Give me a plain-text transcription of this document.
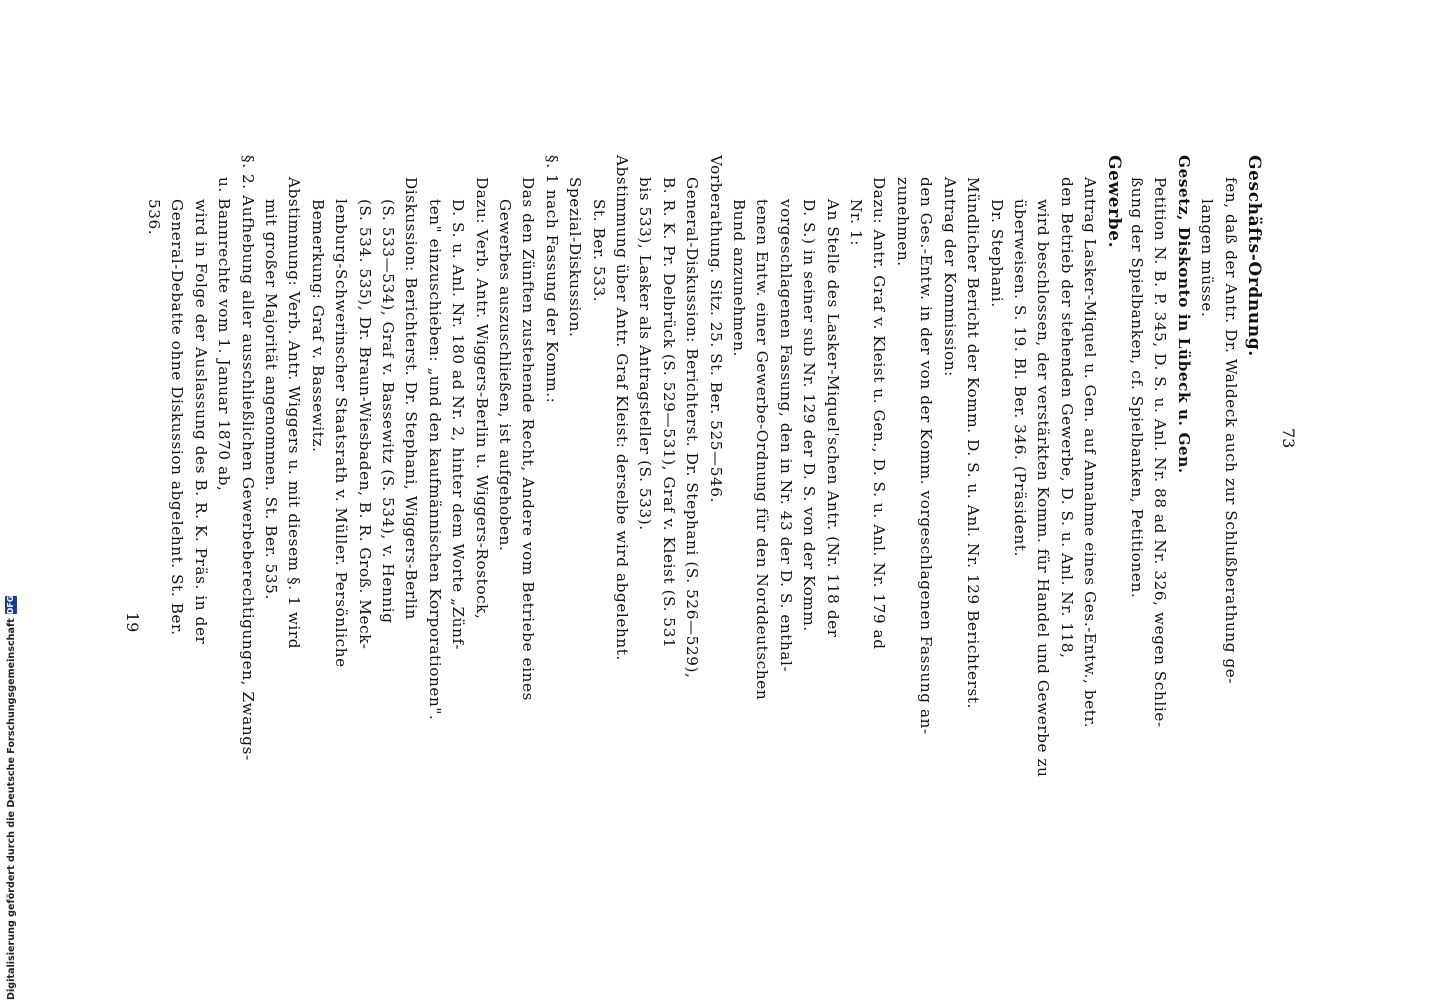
Geschäfts-Ordnung.
fen, daß der Antr. Dr. Waldeck auch zur Schlußberathung ge-
langen müsse.
Gesetz, Diskonto in Lübeck u. Gen.
Petition N. B. P. 345, D. S. u. Anl. Nr. 88 ad Nr. 326, wegen Schlie-
ßung der Spielbanken, cf. Spielbanken, Petitionen.
Gewerbe.
Antrag Lasker-Miquel u. Gen. auf Annahme eines Ges.-Entw., betr.
den Betrieb der stehenden Gewerbe, D. S. u. Anl. Nr. 118,
wird beschlossen, der verstärkten Komm. für Handel und Gewerbe zu
überweisen. S. 19. Bl. Ber. 346. (Präsident.
Dr. Stephani.
Mündlicher Bericht der Komm. D. S. u. Anl. Nr. 129 Berichterst.
Antrag der Kommission:
den Ges.-Entw. in der von der Komm. vorgeschlagenen Fassung an-
zunehmen.
Dazu: Antr. Graf v. Kleist u. Gen., D. S. u. Anl. Nr. 179 ad
Nr. 1:
An Stelle des Lasker-Miquel'schen Antr. (Nr. 118 der
D. S.) in seiner sub Nr. 129 der D. S. von der Komm.
vorgeschlagenen Fassung, den in Nr. 43 der D. S. enthal-
tenen Entw. einer Gewerbe-Ordnung für den Norddeutschen
Bund anzunehmen.
Vorberathung. Sitz. 25. St. Ber. 525—546.
General-Diskussion: Berichterst. Dr. Stephani (S. 526—529),
B. R. K. Pr. Delbrück (S. 529—531), Graf v. Kleist (S. 531
bis 533), Lasker als Antragsteller (S. 533).
Abstimmung über Antr. Graf Kleist: derselbe wird abgelehnt.
St. Ber. 533.
Spezial-Diskussion.
§. 1 nach Fassung der Komm.:
Das den Zünften zustehende Recht, Andere vom Betriebe eines
Gewerbes auszuschließen, ist aufgehoben.
Dazu: Verb. Antr. Wiggers-Berlin u. Wiggers-Rostock,
D. S. u. Anl. Nr. 180 ad Nr. 2, hinter dem Worte „Zünf-
ten" einzuschieben: „und den kaufmännischen Korporationen".
Diskussion: Berichterst. Dr. Stephani, Wiggers-Berlin
(S. 533—534), Graf v. Bassewitz (S. 534), v. Hennig
(S. 534. 535), Dr. Braun-Wiesbaden, B. R. Groß. Meck-
lenburg-Schwerinscher Staatsrath v. Müller. Persönliche
Bemerkung: Graf v. Bassewitz.
Abstimmung: Verb. Antr. Wiggers u. mit diesem §. 1 wird
mit großer Majorität angenommen. St. Ber. 535.
§. 2. Aufhebung aller ausschließlichen Gewerbeberechtigungen, Zwangs-
u. Bannrechte vom 1. Januar 1870 ab,
wird in Folge der Auslassung des B. R. K. Präs. in der
General-Debatte ohne Diskussion abgelehnt. St. Ber.
536.
73
19
Digitalisierung gefördert durch die Deutsche Forschungsgemeinschaft
DFG
